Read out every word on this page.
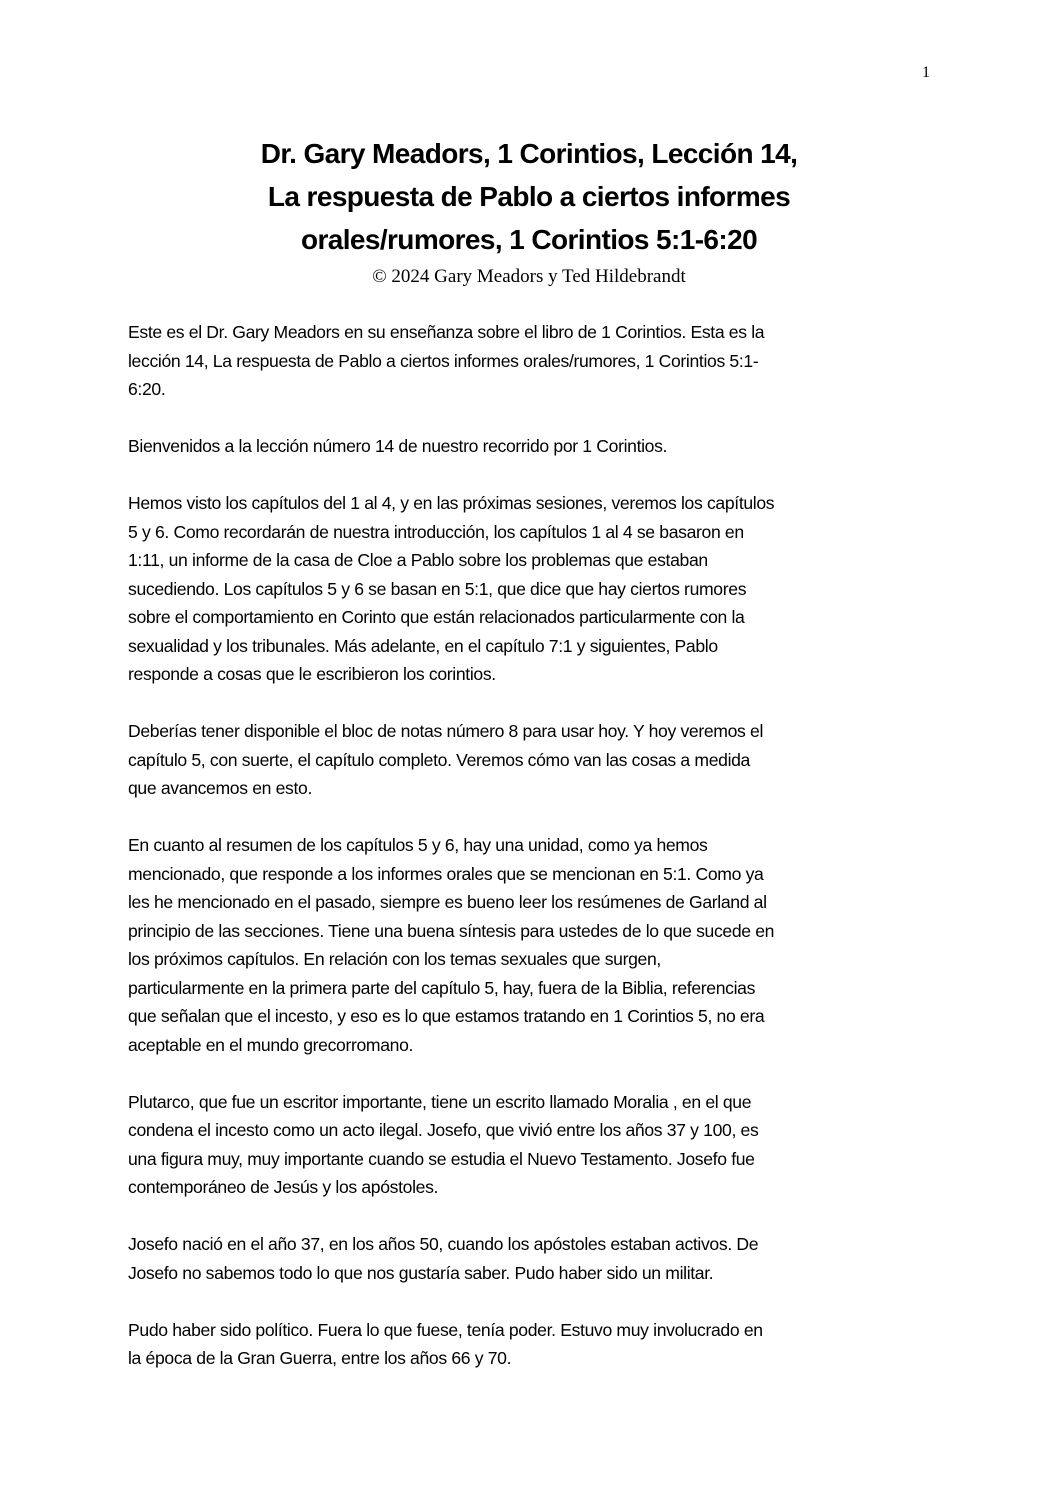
1
Dr. Gary Meadors, 1 Corintios, Lección 14,
La respuesta de Pablo a ciertos informes
orales/rumores, 1 Corintios 5:1-6:20
© 2024 Gary Meadors y Ted Hildebrandt

Este es el Dr. Gary Meadors en su enseñanza sobre el libro de 1 Corintios. Esta es la
lección 14, La respuesta de Pablo a ciertos informes orales/rumores, 1 Corintios 5:1-
6:20.

Bienvenidos a la lección número 14 de nuestro recorrido por 1 Corintios.

Hemos visto los capítulos del 1 al 4, y en las próximas sesiones, veremos los capítulos
5 y 6. Como recordarán de nuestra introducción, los capítulos 1 al 4 se basaron en
1:11, un informe de la casa de Cloe a Pablo sobre los problemas que estaban
sucediendo. Los capítulos 5 y 6 se basan en 5:1, que dice que hay ciertos rumores
sobre el comportamiento en Corinto que están relacionados particularmente con la
sexualidad y los tribunales. Más adelante, en el capítulo 7:1 y siguientes, Pablo
responde a cosas que le escribieron los corintios.

Deberías tener disponible el bloc de notas número 8 para usar hoy. Y hoy veremos el
capítulo 5, con suerte, el capítulo completo. Veremos cómo van las cosas a medida
que avancemos en esto.

En cuanto al resumen de los capítulos 5 y 6, hay una unidad, como ya hemos
mencionado, que responde a los informes orales que se mencionan en 5:1. Como ya
les he mencionado en el pasado, siempre es bueno leer los resúmenes de Garland al
principio de las secciones. Tiene una buena síntesis para ustedes de lo que sucede en
los próximos capítulos. En relación con los temas sexuales que surgen,
particularmente en la primera parte del capítulo 5, hay, fuera de la Biblia, referencias
que señalan que el incesto, y eso es lo que estamos tratando en 1 Corintios 5, no era
aceptable en el mundo grecorromano.

Plutarco, que fue un escritor importante, tiene un escrito llamado Moralia , en el que
condena el incesto como un acto ilegal. Josefo, que vivió entre los años 37 y 100, es
una figura muy, muy importante cuando se estudia el Nuevo Testamento. Josefo fue
contemporáneo de Jesús y los apóstoles.

Josefo nació en el año 37, en los años 50, cuando los apóstoles estaban activos. De
Josefo no sabemos todo lo que nos gustaría saber. Pudo haber sido un militar.

Pudo haber sido político. Fuera lo que fuese, tenía poder. Estuvo muy involucrado en
la época de la Gran Guerra, entre los años 66 y 70.
